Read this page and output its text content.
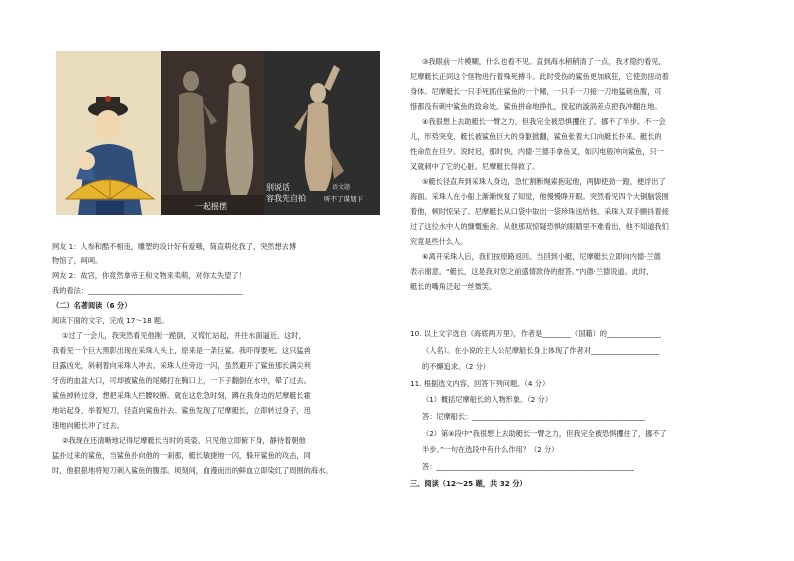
一起摇摆
别说话
容我先自拍	听不了谋划下
语文题
网友 1：人参和酷不相违，雕塑的设计好有爱哦，简直萌化我了，突然想去博
物馆了，呵呵。
网友 2：故宫，你竟然拿帝王和文物来卖萌，对你太失望了！
我的看法：___________________________________________
（二）名著阅读（6 分）
阅读下面的文字，完成 17～18 题。
①过了一会儿，我突然看见他刚一跪倒，又慌忙站起，并往水面逼近。这时，
我看见一个巨大黑影出现在采珠人头上，原来是一条巨鲨。我吓得要死。这只猛兽
目露凶光，斜刺着向采珠人冲去。采珠人往旁边一闪，虽然避开了鲨鱼那长满尖利
牙齿的血盆大口，可却被鲨鱼的尾鳍打在胸口上，一下子翻倒在水中，晕了过去。
鲨鱼掉转过身，想把采珠人拦腰咬断。就在这危急时刻，蹲在我身边的尼摩艇长霍
地站起身，举着短刀，径直向鲨鱼扑去。鲨鱼发现了尼摩艇长，立即转过身子，迅
速地向艇长冲了过去。
②我现在还清晰地记得尼摩艇长当时的英姿，只见他立即俯下身，静待着朝他
猛扑过来的鲨鱼，当鲨鱼扑向他的一刹那，艇长敏捷地一闪，躲开鲨鱼的攻击，同
时，他狠狠地将短刀刺入鲨鱼的腹部。顷刻间，血漫而出的鲜血立即染红了周围的海水。
③我眼前一片模糊，什么也看不见。直到海水稍稍清了一点，我才隐约看见，
尼摩艇长正同这个怪物进行着殊死搏斗。此时受伤的鲨鱼更加疯狂，它使劲扭动着
身体。尼摩艇长一只手死抓住鲨鱼的一个鳍，一只手一刀接一刀地猛刺鱼腹，可
惜都没有刺中鲨鱼的致命处。鲨鱼拼命地挣扎，搅起的漩涡差点把我冲翻在地。
④我很想上去助艇长一臂之力，但我完全被恐惧攫住了，挪不了半步。不一会
儿，形势突变，艇长被鲨鱼巨大的身躯掀翻，鲨鱼张着大口向艇长扑来。艇长的
性命危在旦夕。说时迟，那时快，内德·兰德手拿鱼叉，如闪电般冲向鲨鱼，只一
叉就刺中了它的心脏。尼摩艇长得救了。
⑤艇长径直奔到采珠人身边，急忙割断绳索抱起他，两脚使劲一蹬，便浮出了
海面。采珠人在小船上渐渐恢复了知觉，他慢慢睁开眼。突然看见四个大铜脑袋围
着他，顿时惊呆了。尼摩艇长从口袋中取出一袋珍珠送给他。采珠人双手颤抖着接
过了这位水中人的慷慨施舍。从他那双惊疑恐惧的眼睛里不难看出，他不知道我们
究竟是些什么人。
⑥离开采珠人后，我们按原路返回。当回到小艇，尼摩艇长立即向内德·兰德
表示谢意。“艇长，这是我对您之前盛情款待的报答。”内德·兰德说道。此时，
艇长的嘴角泛起一丝微笑。
10. 以上文字选自《海底两万里》，作者是________（国籍）的_______________
（人名）。在小说的主人公尼摩船长身上体现了作者对___________________
的不懈追求。（2 分）
11. 根据选文内容，回答下列问题。（4 分）
（1）概括尼摩船长的人物形象。（2 分）
答：尼摩船长：________________________________________________
（2）第④段中“我很想上去助艇长一臂之力，但我完全被恐惧攫住了，挪不了
半步。”一句在选段中有什么作用？（2 分）
答：_______________________________________________________
三、阅读（12～25 题，共 32 分）
